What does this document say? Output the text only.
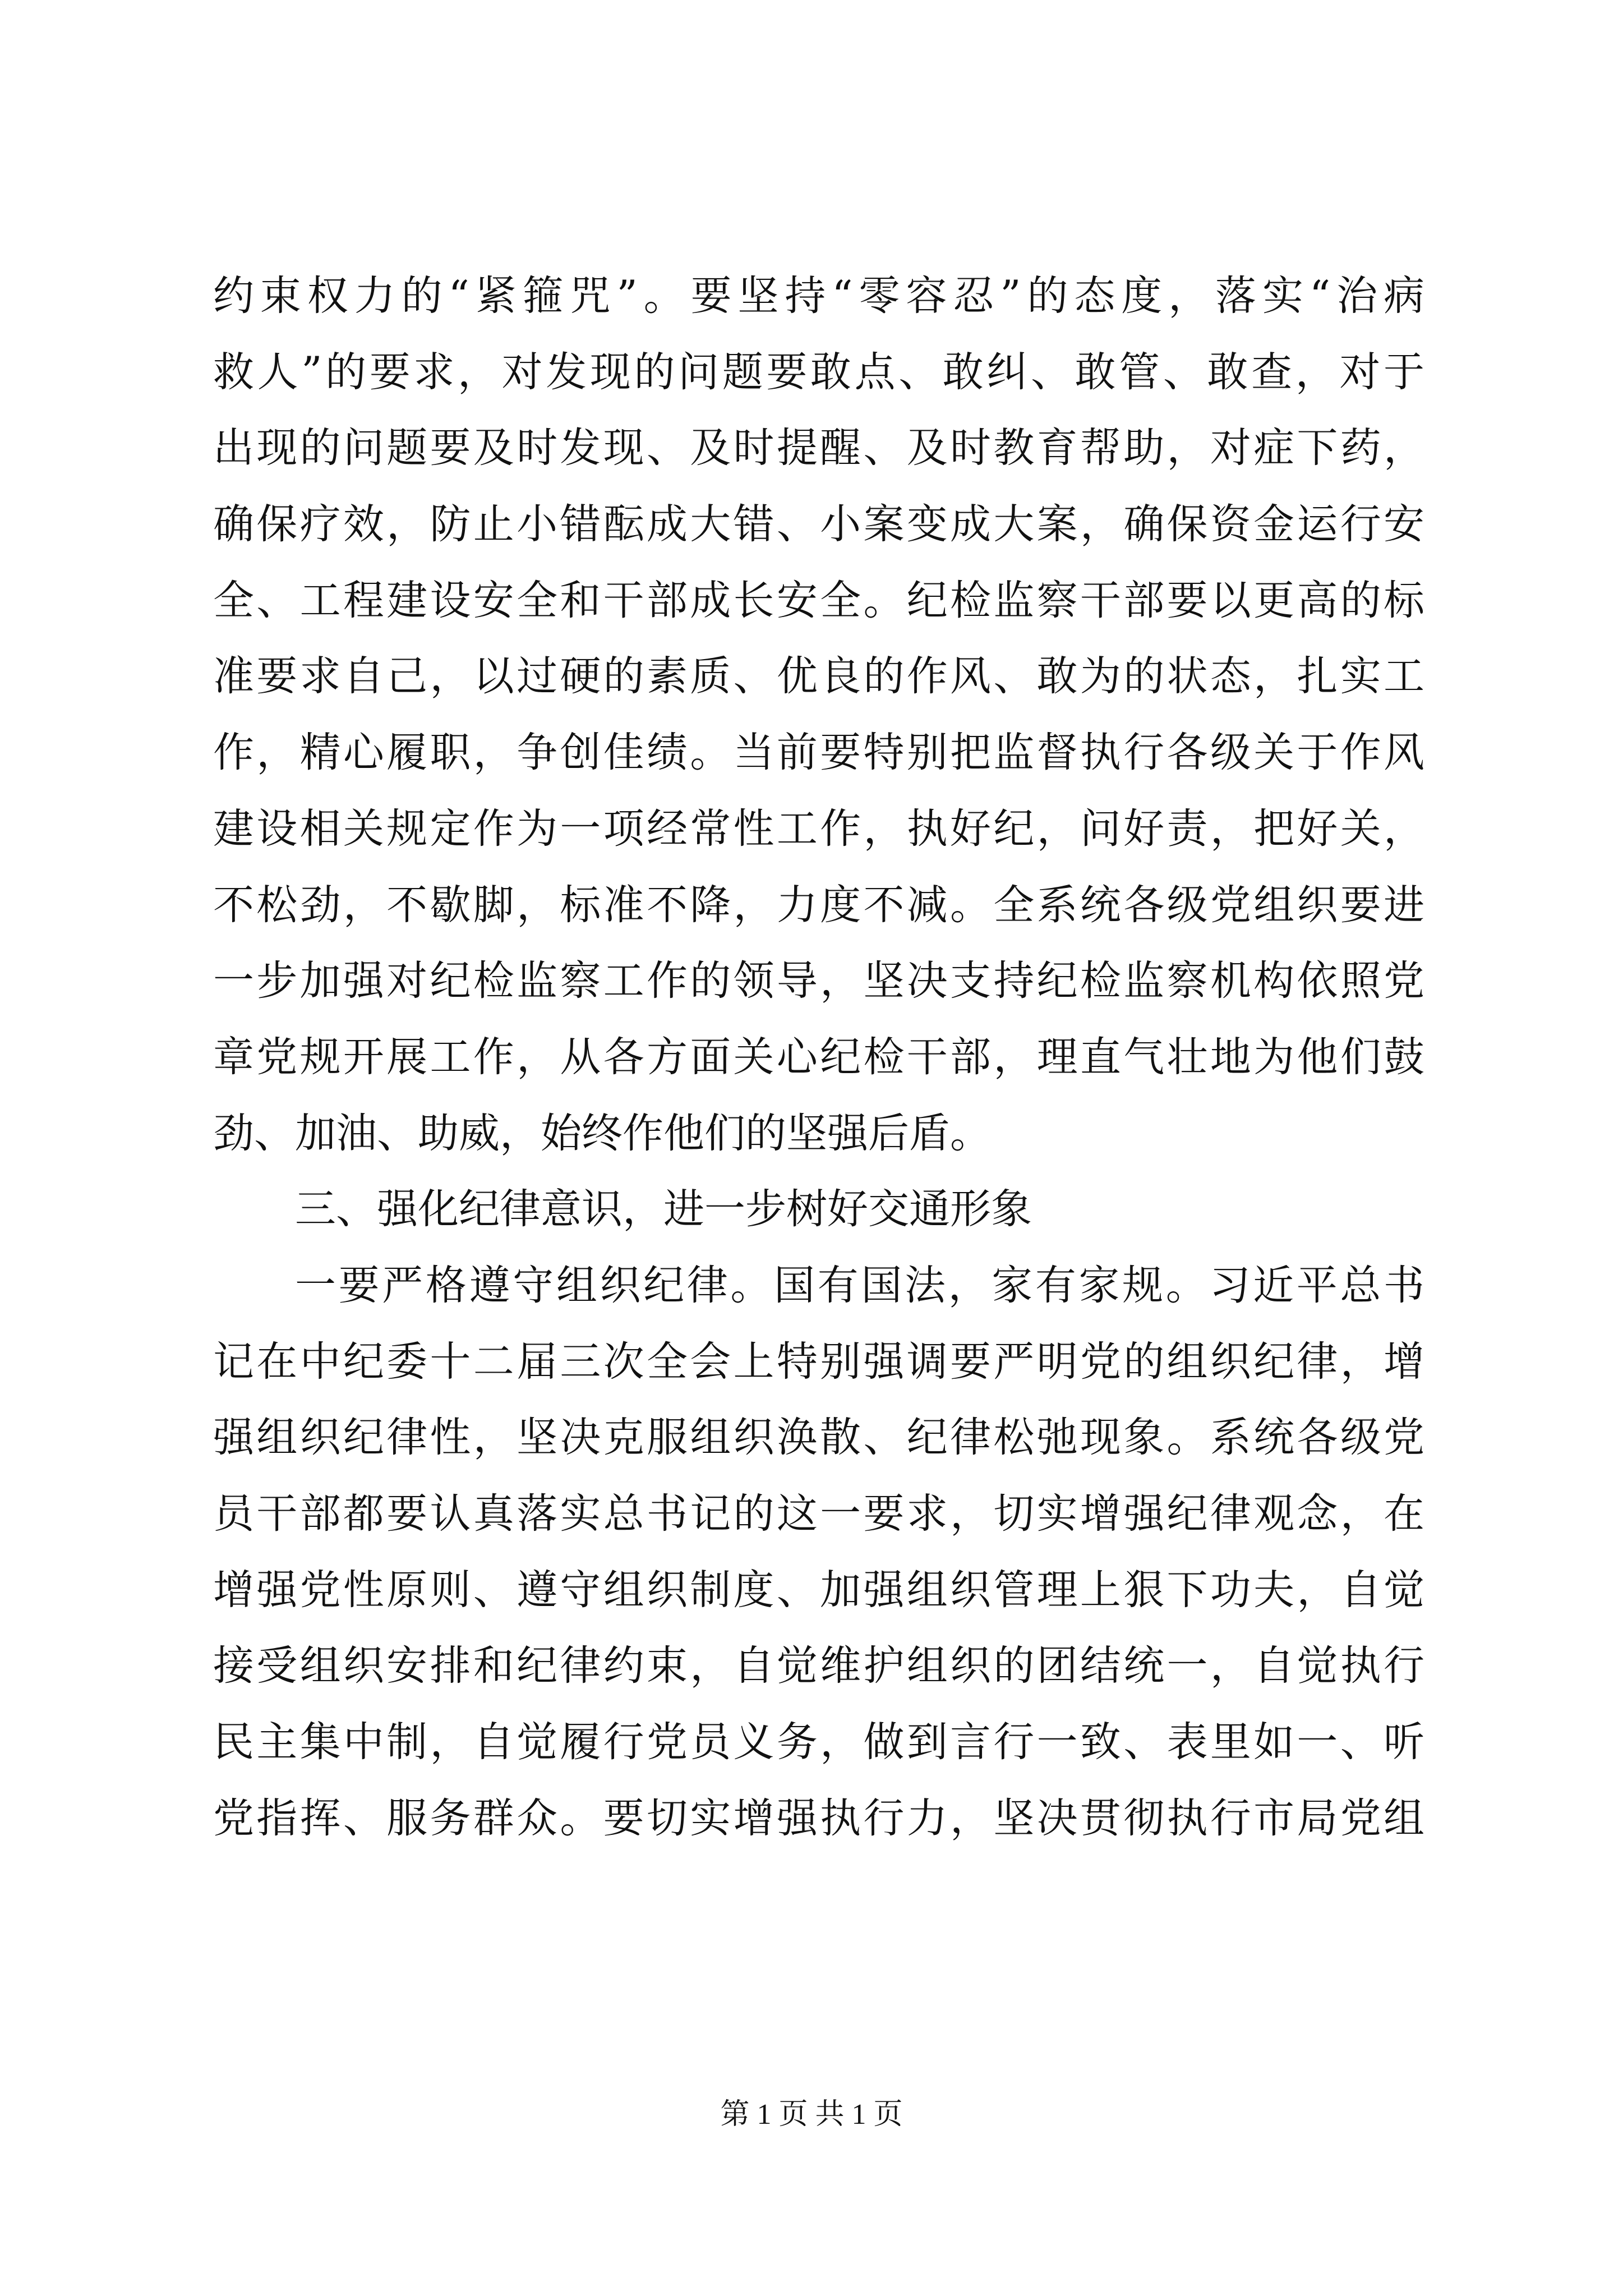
约束权力的“紧箍咒”。要坚持“零容忍”的态度，落实“治病
救人”的要求，对发现的问题要敢点、敢纠、敢管、敢查，对于
出现的问题要及时发现、及时提醒、及时教育帮助，对症下药，
确保疗效，防止小错酝成大错、小案变成大案，确保资金运行安
全、工程建设安全和干部成长安全。纪检监察干部要以更高的标
准要求自己，以过硬的素质、优良的作风、敢为的状态，扎实工
作，精心履职，争创佳绩。当前要特别把监督执行各级关于作风
建设相关规定作为一项经常性工作，执好纪，问好责，把好关，
不松劲，不歇脚，标准不降，力度不减。全系统各级党组织要进
一步加强对纪检监察工作的领导，坚决支持纪检监察机构依照党
章党规开展工作，从各方面关心纪检干部，理直气壮地为他们鼓
劲、加油、助威，始终作他们的坚强后盾。
三、强化纪律意识，进一步树好交通形象
一要严格遵守组织纪律。国有国法，家有家规。习近平总书
记在中纪委十二届三次全会上特别强调要严明党的组织纪律，增
强组织纪律性，坚决克服组织涣散、纪律松弛现象。系统各级党
员干部都要认真落实总书记的这一要求，切实增强纪律观念，在
增强党性原则、遵守组织制度、加强组织管理上狠下功夫，自觉
接受组织安排和纪律约束，自觉维护组织的团结统一，自觉执行
民主集中制，自觉履行党员义务，做到言行一致、表里如一、听
党指挥、服务群众。要切实增强执行力，坚决贯彻执行市局党组
第 1 页 共 1 页
